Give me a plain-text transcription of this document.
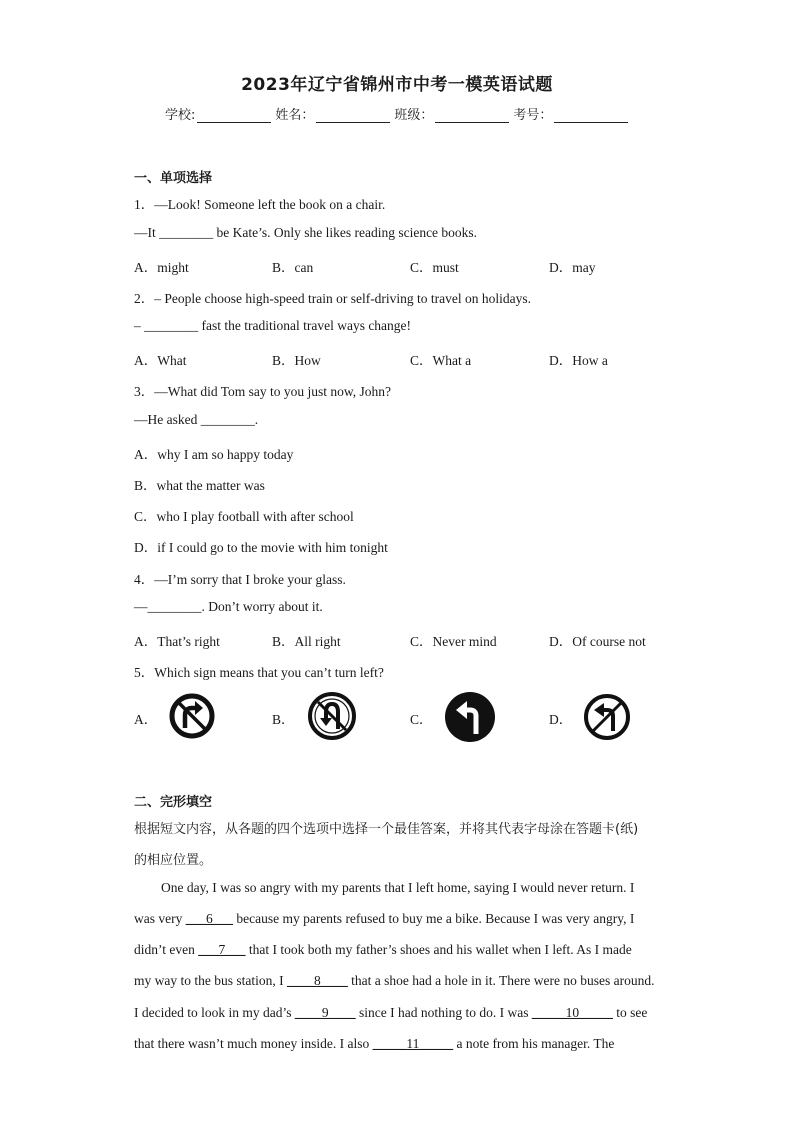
2023年辽宁省锦州市中考一模英语试题
学校:	姓名：	班级：	考号：
一、单项选择
1．—Look! Someone left the book on a chair.
—It ________ be Kate’s. Only she likes reading science books.
A．might	B．can	C．must	D．may
2．– People choose high-speed train or self-driving to travel on holidays.
– ________ fast the traditional travel ways change!
A．What	B．How	C．What a	D．How a
3．—What did Tom say to you just now, John?
—He asked ________.
A．why I am so happy today
B．what the matter was
C．who I play football with after school
D．if I could go to the movie with him tonight
4．—I’m sorry that I broke your glass.
—________. Don’t worry about it.
A．That’s right	B．All right	C．Never mind	D．Of course not
5．Which sign means that you can’t turn left?
A．	B．	C．	D．
二、完形填空
根据短文内容，从各题的四个选项中选择一个最佳答案，并将其代表字母涂在答题卡(纸)
的相应位置。
One day, I was so angry with my parents that I left home, saying I would never return. I
was very ___6___ because my parents refused to buy me a bike. Because I was very angry, I
didn’t even ___7___ that I took both my father’s shoes and his wallet when I left. As I made
my way to the bus station, I ____8____ that a shoe had a hole in it. There were no buses around.
I decided to look in my dad’s ____9____ since I had nothing to do. I was _____10_____ to see
that there wasn’t much money inside. I also _____11_____ a note from his manager. The
